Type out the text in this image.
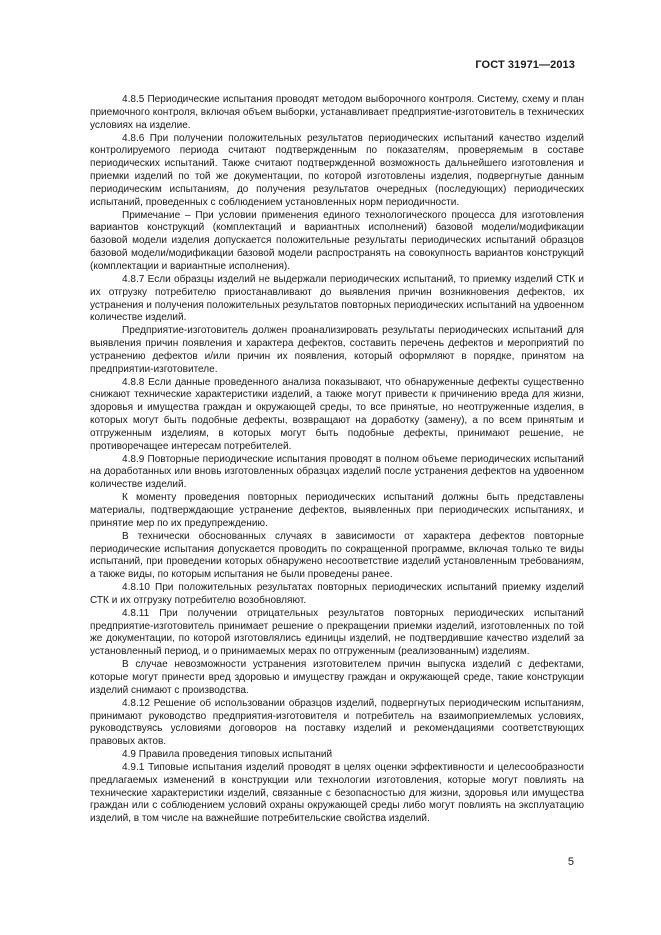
ГОСТ 31971—2013

4.8.5 Периодические испытания проводят методом выборочного контроля. Систему, схему и план приемочного контроля, включая объем выборки, устанавливает предприятие-изготовитель в технических условиях на изделие.

4.8.6 При получении положительных результатов периодических испытаний качество изделий контролируемого периода считают подтвержденным по показателям, проверяемым в составе периодических испытаний. Также считают подтвержденной возможность дальнейшего изготовления и приемки изделий по той же документации, по которой изготовлены изделия, подвергнутые данным периодическим испытаниям, до получения результатов очередных (последующих) периодических испытаний, проведенных с соблюдением установленных норм периодичности.

Примечание – При условии применения единого технологического процесса для изготовления вариантов конструкций (комплектаций и вариантных исполнений) базовой модели/модификации базовой модели изделия допускается положительные результаты периодических испытаний образцов базовой модели/модификации базовой модели распространять на совокупность вариантов конструкций (комплектации и вариантные исполнения).

4.8.7 Если образцы изделий не выдержали периодических испытаний, то приемку изделий СТК и их отгрузку потребителю приостанавливают до выявления причин возникновения дефектов, их устранения и получения положительных результатов повторных периодических испытаний на удвоенном количестве изделий.

Предприятие-изготовитель должен проанализировать результаты периодических испытаний для выявления причин появления и характера дефектов, составить перечень дефектов и мероприятий по устранению дефектов и/или причин их появления, который оформляют в порядке, принятом на предприятии-изготовителе.

4.8.8 Если данные проведенного анализа показывают, что обнаруженные дефекты существенно снижают технические характеристики изделий, а также могут привести к причинению вреда для жизни, здоровья и имущества граждан и окружающей среды, то все принятые, но неотгруженные изделия, в которых могут быть подобные дефекты, возвращают на доработку (замену), а по всем принятым и отгруженным изделиям, в которых могут быть подобные дефекты, принимают решение, не противоречащее интересам потребителей.

4.8.9 Повторные периодические испытания проводят в полном объеме периодических испытаний на доработанных или вновь изготовленных образцах изделий после устранения дефектов на удвоенном количестве изделий.

К моменту проведения повторных периодических испытаний должны быть представлены материалы, подтверждающие устранение дефектов, выявленных при периодических испытаниях, и принятие мер по их предупреждению.

В технически обоснованных случаях в зависимости от характера дефектов повторные периодические испытания допускается проводить по сокращенной программе, включая только те виды испытаний, при проведении которых обнаружено несоответствие изделий установленным требованиям, а также виды, по которым испытания не были проведены ранее.

4.8.10 При положительных результатах повторных периодических испытаний приемку изделий СТК и их отгрузку потребителю возобновляют.

4.8.11 При получении отрицательных результатов повторных периодических испытаний предприятие-изготовитель принимает решение о прекращении приемки изделий, изготовленных по той же документации, по которой изготовлялись единицы изделий, не подтвердившие качество изделий за установленный период, и о принимаемых мерах по отгруженным (реализованным) изделиям.

В случае невозможности устранения изготовителем причин выпуска изделий с дефектами, которые могут принести вред здоровью и имуществу граждан и окружающей среде, такие конструкции изделий снимают с производства.

4.8.12 Решение об использовании образцов изделий, подвергнутых периодическим испытаниям, принимают руководство предприятия-изготовителя и потребитель на взаимоприемлемых условиях, руководствуясь условиями договоров на поставку изделий и рекомендациями соответствующих правовых актов.

4.9 Правила проведения типовых испытаний

4.9.1 Типовые испытания изделий проводят в целях оценки эффективности и целесообразности предлагаемых изменений в конструкции или технологии изготовления, которые могут повлиять на технические характеристики изделий, связанные с безопасностью для жизни, здоровья или имущества граждан или с соблюдением условий охраны окружающей среды либо могут повлиять на эксплуатацию изделий, в том числе на важнейшие потребительские свойства изделий.

5
